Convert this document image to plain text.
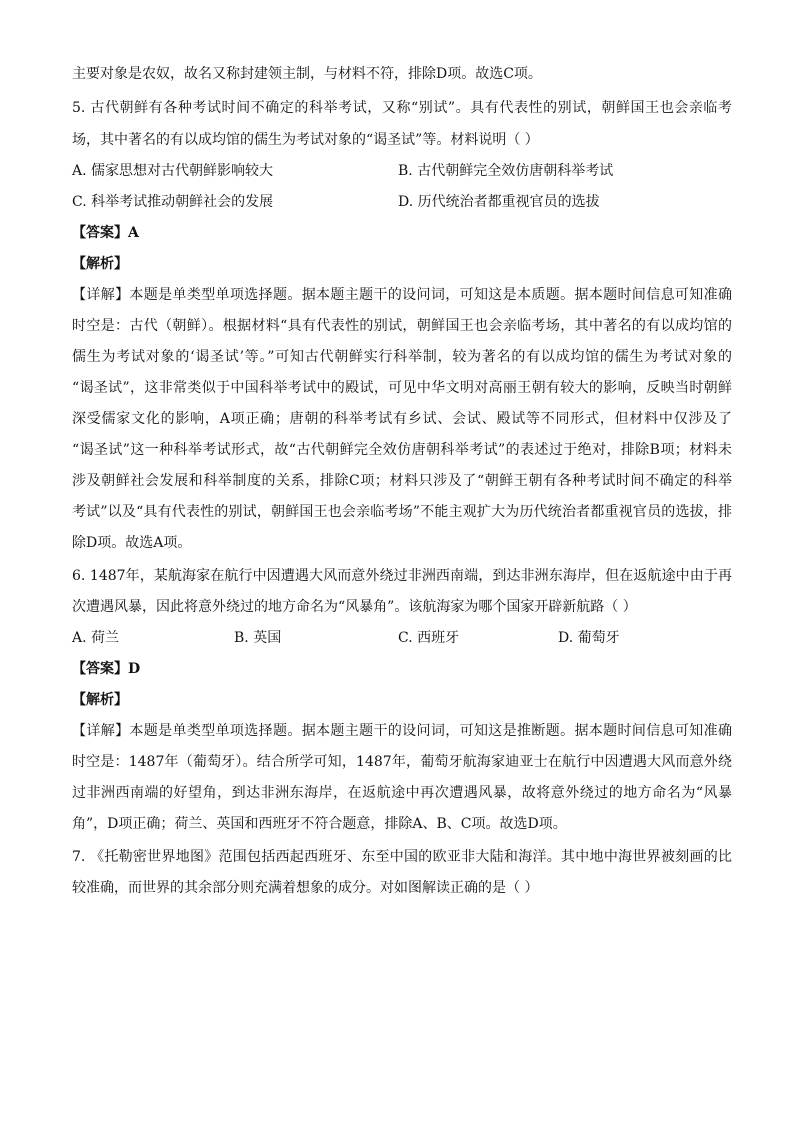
主要对象是农奴，故名又称封建领主制，与材料不符，排除D项。故选C项。
5. 古代朝鲜有各种考试时间不确定的科举考试，又称“别试”。具有代表性的别试，朝鲜国王也会亲临考
场，其中著名的有以成均馆的儒生为考试对象的“谒圣试”等。材料说明（ ）
A. 儒家思想对古代朝鲜影响较大	B. 古代朝鲜完全效仿唐朝科举考试
C. 科举考试推动朝鲜社会的发展	D. 历代统治者都重视官员的选拔
【答案】A
【解析】
【详解】本题是单类型单项选择题。据本题主题干的设问词，可知这是本质题。据本题时间信息可知准确
时空是：古代（朝鲜）。根据材料“具有代表性的别试，朝鲜国王也会亲临考场，其中著名的有以成均馆的
儒生为考试对象的‘谒圣试’等。”可知古代朝鲜实行科举制，较为著名的有以成均馆的儒生为考试对象的
“谒圣试”，这非常类似于中国科举考试中的殿试，可见中华文明对高丽王朝有较大的影响，反映当时朝鲜
深受儒家文化的影响，A项正确；唐朝的科举考试有乡试、会试、殿试等不同形式，但材料中仅涉及了
“谒圣试”这一种科举考试形式，故“古代朝鲜完全效仿唐朝科举考试”的表述过于绝对，排除B项；材料未
涉及朝鲜社会发展和科举制度的关系，排除C项；材料只涉及了“朝鲜王朝有各种考试时间不确定的科举
考试”以及“具有代表性的别试，朝鲜国王也会亲临考场”不能主观扩大为历代统治者都重视官员的选拔，排
除D项。故选A项。
6. 1487年，某航海家在航行中因遭遇大风而意外绕过非洲西南端，到达非洲东海岸，但在返航途中由于再
次遭遇风暴，因此将意外绕过的地方命名为“风暴角”。该航海家为哪个国家开辟新航路（ ）
A. 荷兰	B. 英国	C. 西班牙	D. 葡萄牙
【答案】D
【解析】
【详解】本题是单类型单项选择题。据本题主题干的设问词，可知这是推断题。据本题时间信息可知准确
时空是：1487年（葡萄牙）。结合所学可知，1487年，葡萄牙航海家迪亚士在航行中因遭遇大风而意外绕
过非洲西南端的好望角，到达非洲东海岸，在返航途中再次遭遇风暴，故将意外绕过的地方命名为“风暴
角”，D项正确；荷兰、英国和西班牙不符合题意，排除A、B、C项。故选D项。
7. 《托勒密世界地图》范围包括西起西班牙、东至中国的欧亚非大陆和海洋。其中地中海世界被刻画的比
较准确，而世界的其余部分则充满着想象的成分。对如图解读正确的是（ ）
